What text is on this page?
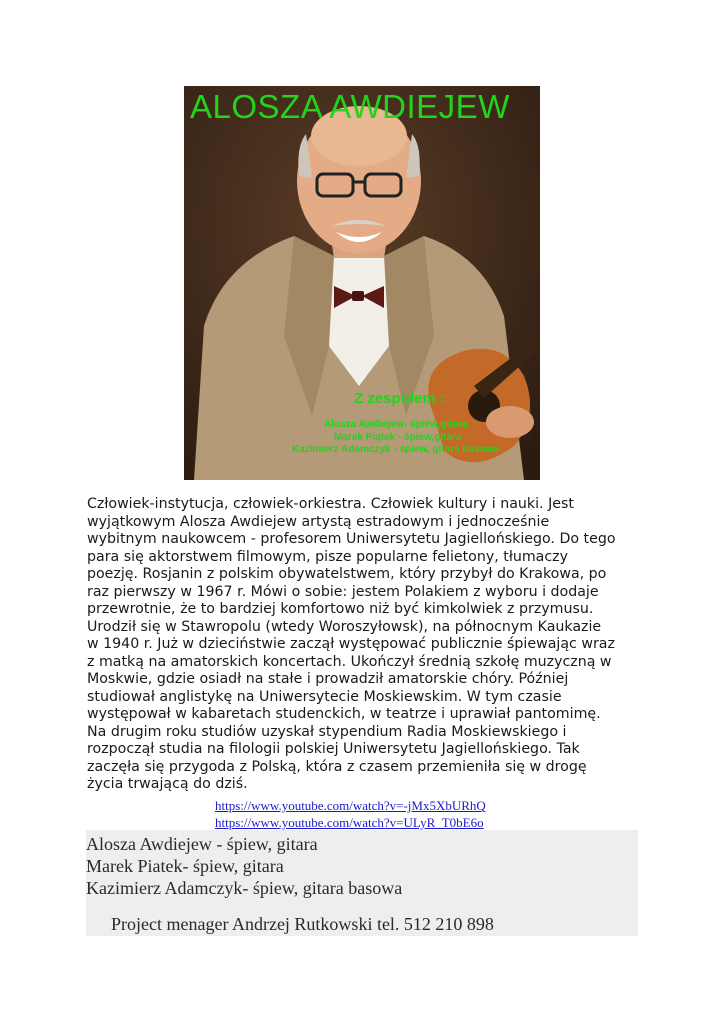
ALOSZA AWDIEJEW
Z zespołem :
Alosza Awdiejew- śpiew,gitara
Marek Piątek - śpiew,gitara
Kazimierz Adamczyk - śpiew, gitara basowa
Człowiek-instytucja, człowiek-orkiestra. Człowiek kultury i nauki. Jest
wyjątkowym Alosza Awdiejew artystą estradowym i jednocześnie
wybitnym naukowcem - profesorem Uniwersytetu Jagiellońskiego. Do tego
para się aktorstwem filmowym, pisze popularne felietony, tłumaczy
poezję. Rosjanin z polskim obywatelstwem, który przybył do Krakowa, po
raz pierwszy w 1967 r. Mówi o sobie: jestem Polakiem z wyboru i dodaje
przewrotnie, że to bardziej komfortowo niż być kimkolwiek z przymusu.
Urodził się w Stawropolu (wtedy Woroszyłowsk), na północnym Kaukazie
w 1940 r. Już w dzieciństwie zaczął występować publicznie śpiewając wraz
z matką na amatorskich koncertach. Ukończył średnią szkołę muzyczną w
Moskwie, gdzie osiadł na stałe i prowadził amatorskie chóry. Później
studiował anglistykę na Uniwersytecie Moskiewskim. W tym czasie
występował w kabaretach studenckich, w teatrze i uprawiał pantomimę.
Na drugim roku studiów uzyskał stypendium Radia Moskiewskiego i
rozpoczął studia na filologii polskiej Uniwersytetu Jagiellońskiego. Tak
zaczęła się przygoda z Polską, która z czasem przemieniła się w drogę
życia trwającą do dziś.
https://www.youtube.com/watch?v=-jMx5XbURhQ
https://www.youtube.com/watch?v=ULyR_T0bE6o
Alosza Awdiejew - śpiew, gitara
Marek Piatek- śpiew, gitara
Kazimierz Adamczyk- śpiew, gitara basowa
Project menager Andrzej Rutkowski tel. 512 210 898
